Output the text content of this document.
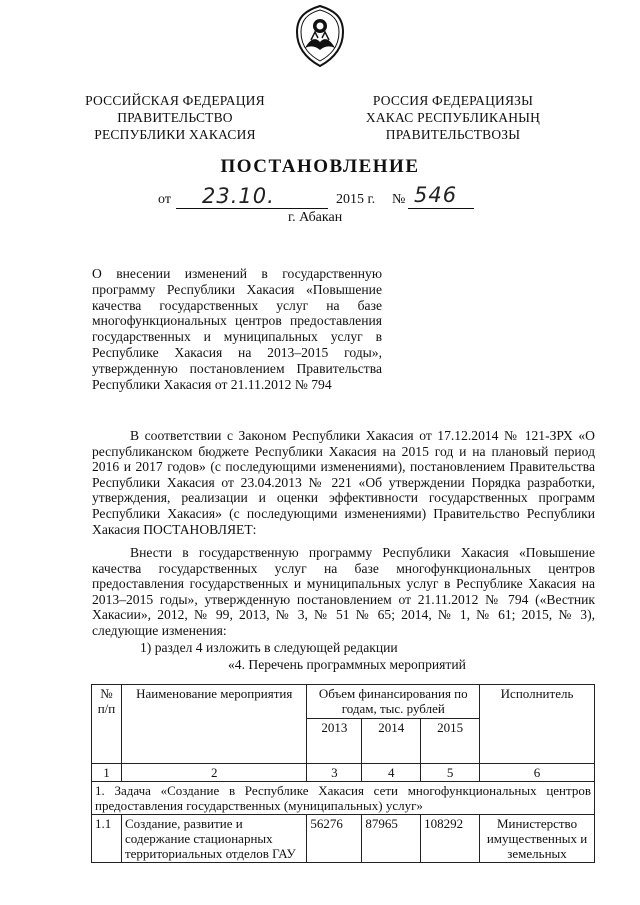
РОССИЙСКАЯ ФЕДЕРАЦИЯ
ПРАВИТЕЛЬСТВО
РЕСПУБЛИКИ ХАКАСИЯ
РОССИЯ ФЕДЕРАЦИЯЗЫ
ХАКАС РЕСПУБЛИКАНЫҢ
ПРАВИТЕЛЬСТВОЗЫ
ПОСТАНОВЛЕНИЕ
от 23.10.	2015 г. № 546
г. Абакан
О внесении изменений в государственную программу Республики Хакасия «Повышение качества государственных услуг на базе многофункциональных центров предоставления государственных и муниципальных услуг в Республике Хакасия на 2013–2015 годы», утвержденную постановлением Правительства Республики Хакасия от 21.11.2012 № 794
В соответствии с Законом Республики Хакасия от 17.12.2014 № 121-ЗРХ «О республиканском бюджете Республики Хакасия на 2015 год и на плановый период 2016 и 2017 годов» (с последующими изменениями), постановлением Правительства Республики Хакасия от 23.04.2013 № 221 «Об утверждении Порядка разработки, утверждения, реализации и оценки эффективности государственных программ Республики Хакасия» (с последующими изменениями) Правительство Республики Хакасия ПОСТАНОВЛЯЕТ:
Внести в государственную программу Республики Хакасия «Повышение качества государственных услуг на базе многофункциональных центров предоставления государственных и муниципальных услуг в Республике Хакасия на 2013–2015 годы», утвержденную постановлением от 21.11.2012 № 794 («Вестник Хакасии», 2012, № 99, 2013, № 3, № 51 № 65; 2014, № 1, № 61; 2015, № 3), следующие изменения:
1) раздел 4 изложить в следующей редакции
«4. Перечень программных мероприятий
№ п/п	Наименование мероприятия	Объем финансирования по годам, тыс. рублей			Исполнитель
		2013	2014	2015	
1	2	3	4	5	6
1. Задача «Создание в Республике Хакасия сети многофункциональных центров предоставления государственных (муниципальных) услуг»					
1.1	Создание, развитие и содержание стационарных территориальных отделов ГАУ	56276	87965	108292	Министерство имущественных и земельных
